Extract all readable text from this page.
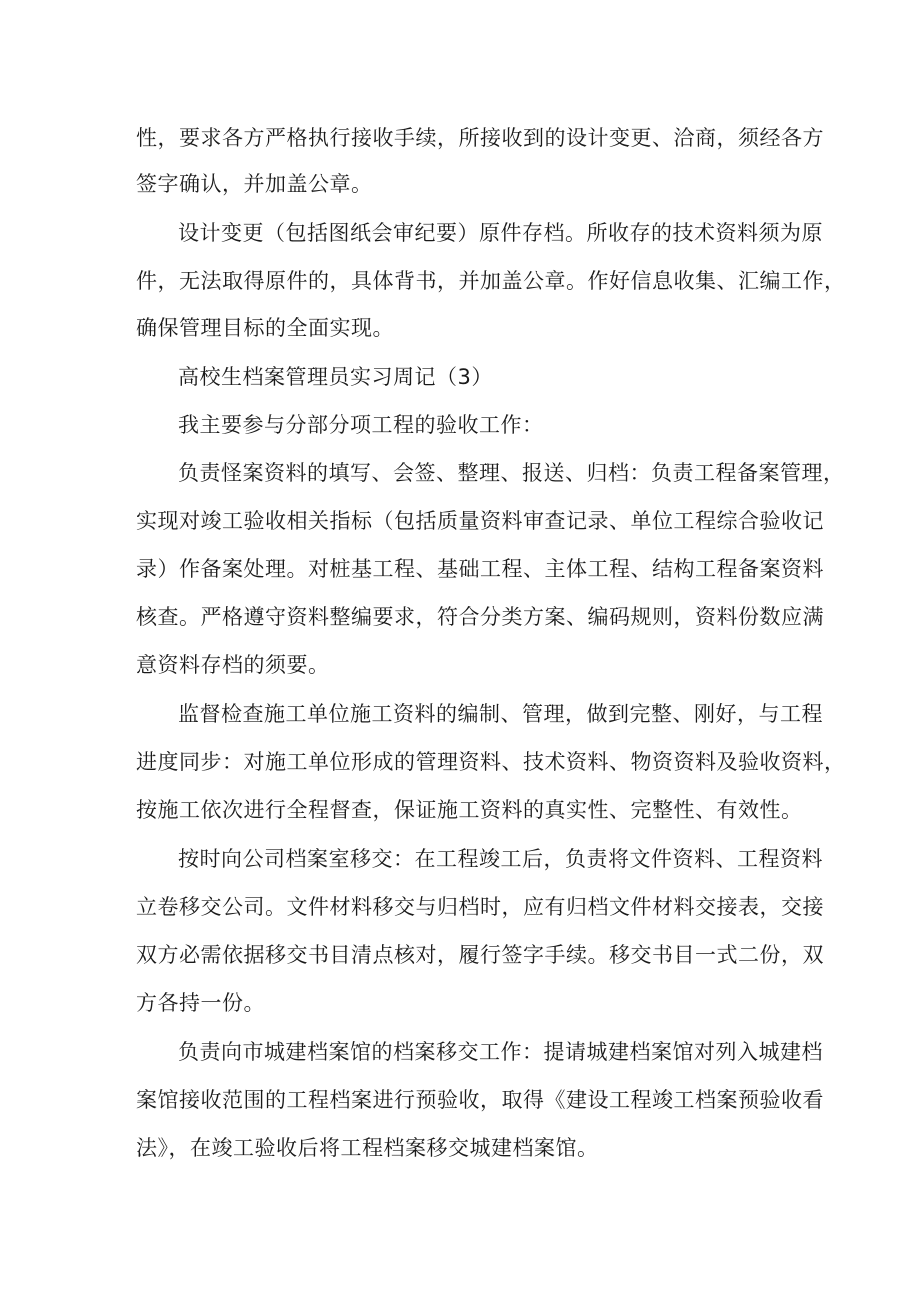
性，要求各方严格执行接收手续，所接收到的设计变更、洽商，须经各方
签字确认，并加盖公章。
设计变更（包括图纸会审纪要）原件存档。所收存的技术资料须为原
件，无法取得原件的，具体背书，并加盖公章。作好信息收集、汇编工作，
确保管理目标的全面实现。
高校生档案管理员实习周记（3）
我主要参与分部分项工程的验收工作：
负责怪案资料的填写、会签、整理、报送、归档：负责工程备案管理，
实现对竣工验收相关指标（包括质量资料审查记录、单位工程综合验收记
录）作备案处理。对桩基工程、基础工程、主体工程、结构工程备案资料
核查。严格遵守资料整编要求，符合分类方案、编码规则，资料份数应满
意资料存档的须要。
监督检查施工单位施工资料的编制、管理，做到完整、刚好，与工程
进度同步：对施工单位形成的管理资料、技术资料、物资资料及验收资料，
按施工依次进行全程督查，保证施工资料的真实性、完整性、有效性。
按时向公司档案室移交：在工程竣工后，负责将文件资料、工程资料
立卷移交公司。文件材料移交与归档时，应有归档文件材料交接表，交接
双方必需依据移交书目清点核对，履行签字手续。移交书目一式二份，双
方各持一份。
负责向市城建档案馆的档案移交工作：提请城建档案馆对列入城建档
案馆接收范围的工程档案进行预验收，取得《建设工程竣工档案预验收看
法》，在竣工验收后将工程档案移交城建档案馆。
